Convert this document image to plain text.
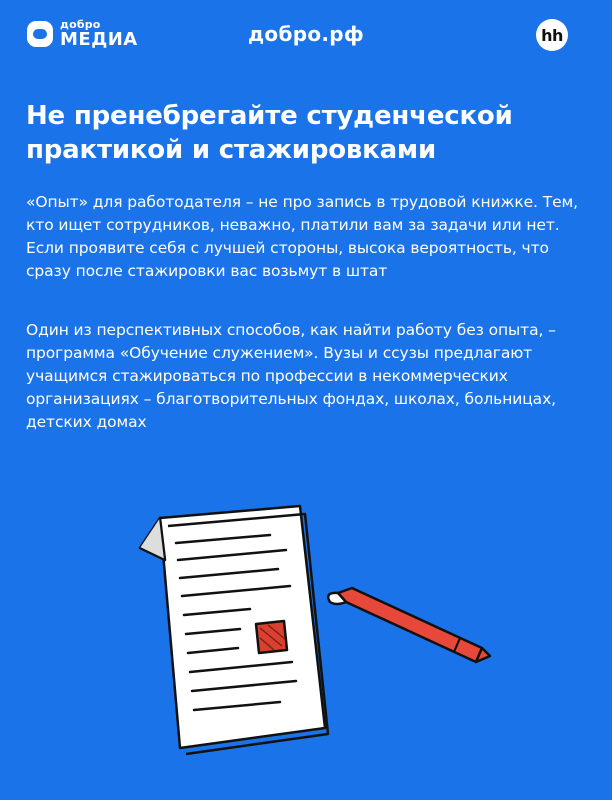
добро
МЕДИА	добро.рф	hh
Не пренебрегайте студенческой практикой и стажировками

«Опыт» для работодателя – не про запись в трудовой книжке. Тем, кто ищет сотрудников, неважно, платили вам за задачи или нет. Если проявите себя с лучшей стороны, высока вероятность, что сразу после стажировки вас возьмут в штат

Один из перспективных способов, как найти работу без опыта, – программа «Обучение служением». Вузы и ссузы предлагают учащимся стажироваться по профессии в некоммерческих организациях – благотворительных фондах, школах, больницах, детских домах
